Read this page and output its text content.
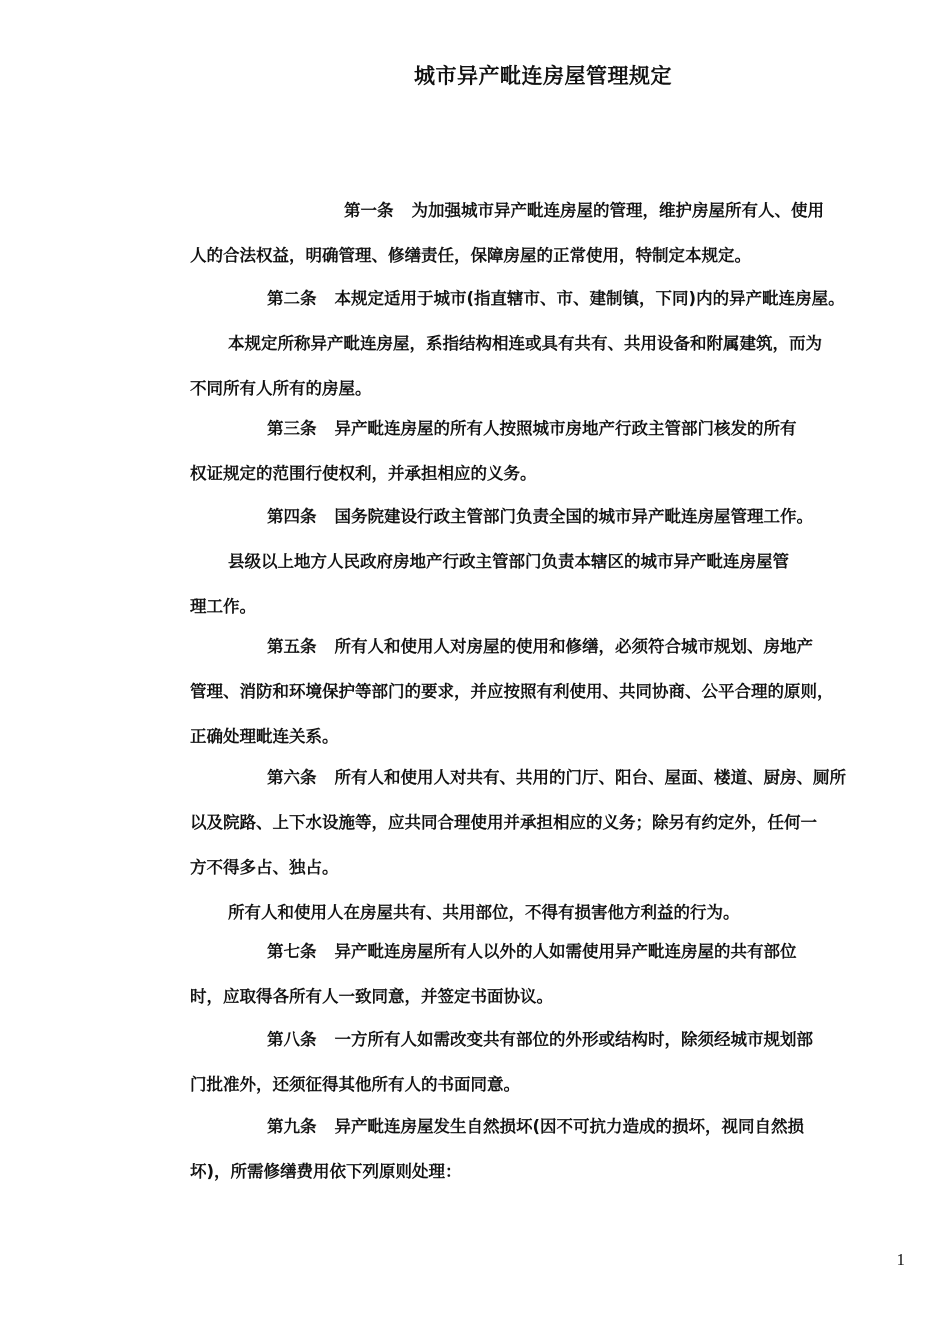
城市异产毗连房屋管理规定
第一条 为加强城市异产毗连房屋的管理，维护房屋所有人、使用
人的合法权益，明确管理、修缮责任，保障房屋的正常使用，特制定本规定。
第二条 本规定适用于城市(指直辖市、市、建制镇，下同)内的异产毗连房屋。
本规定所称异产毗连房屋，系指结构相连或具有共有、共用设备和附属建筑，而为
不同所有人所有的房屋。
第三条 异产毗连房屋的所有人按照城市房地产行政主管部门核发的所有
权证规定的范围行使权利，并承担相应的义务。
第四条 国务院建设行政主管部门负责全国的城市异产毗连房屋管理工作。
县级以上地方人民政府房地产行政主管部门负责本辖区的城市异产毗连房屋管
理工作。
第五条 所有人和使用人对房屋的使用和修缮，必须符合城市规划、房地产
管理、消防和环境保护等部门的要求，并应按照有利使用、共同协商、公平合理的原则，
正确处理毗连关系。
第六条 所有人和使用人对共有、共用的门厅、阳台、屋面、楼道、厨房、厕所
以及院路、上下水设施等，应共同合理使用并承担相应的义务；除另有约定外，任何一
方不得多占、独占。
所有人和使用人在房屋共有、共用部位，不得有损害他方利益的行为。
第七条 异产毗连房屋所有人以外的人如需使用异产毗连房屋的共有部位
时，应取得各所有人一致同意，并签定书面协议。
第八条 一方所有人如需改变共有部位的外形或结构时，除须经城市规划部
门批准外，还须征得其他所有人的书面同意。
第九条 异产毗连房屋发生自然损坏(因不可抗力造成的损坏，视同自然损
坏)，所需修缮费用依下列原则处理：
1
